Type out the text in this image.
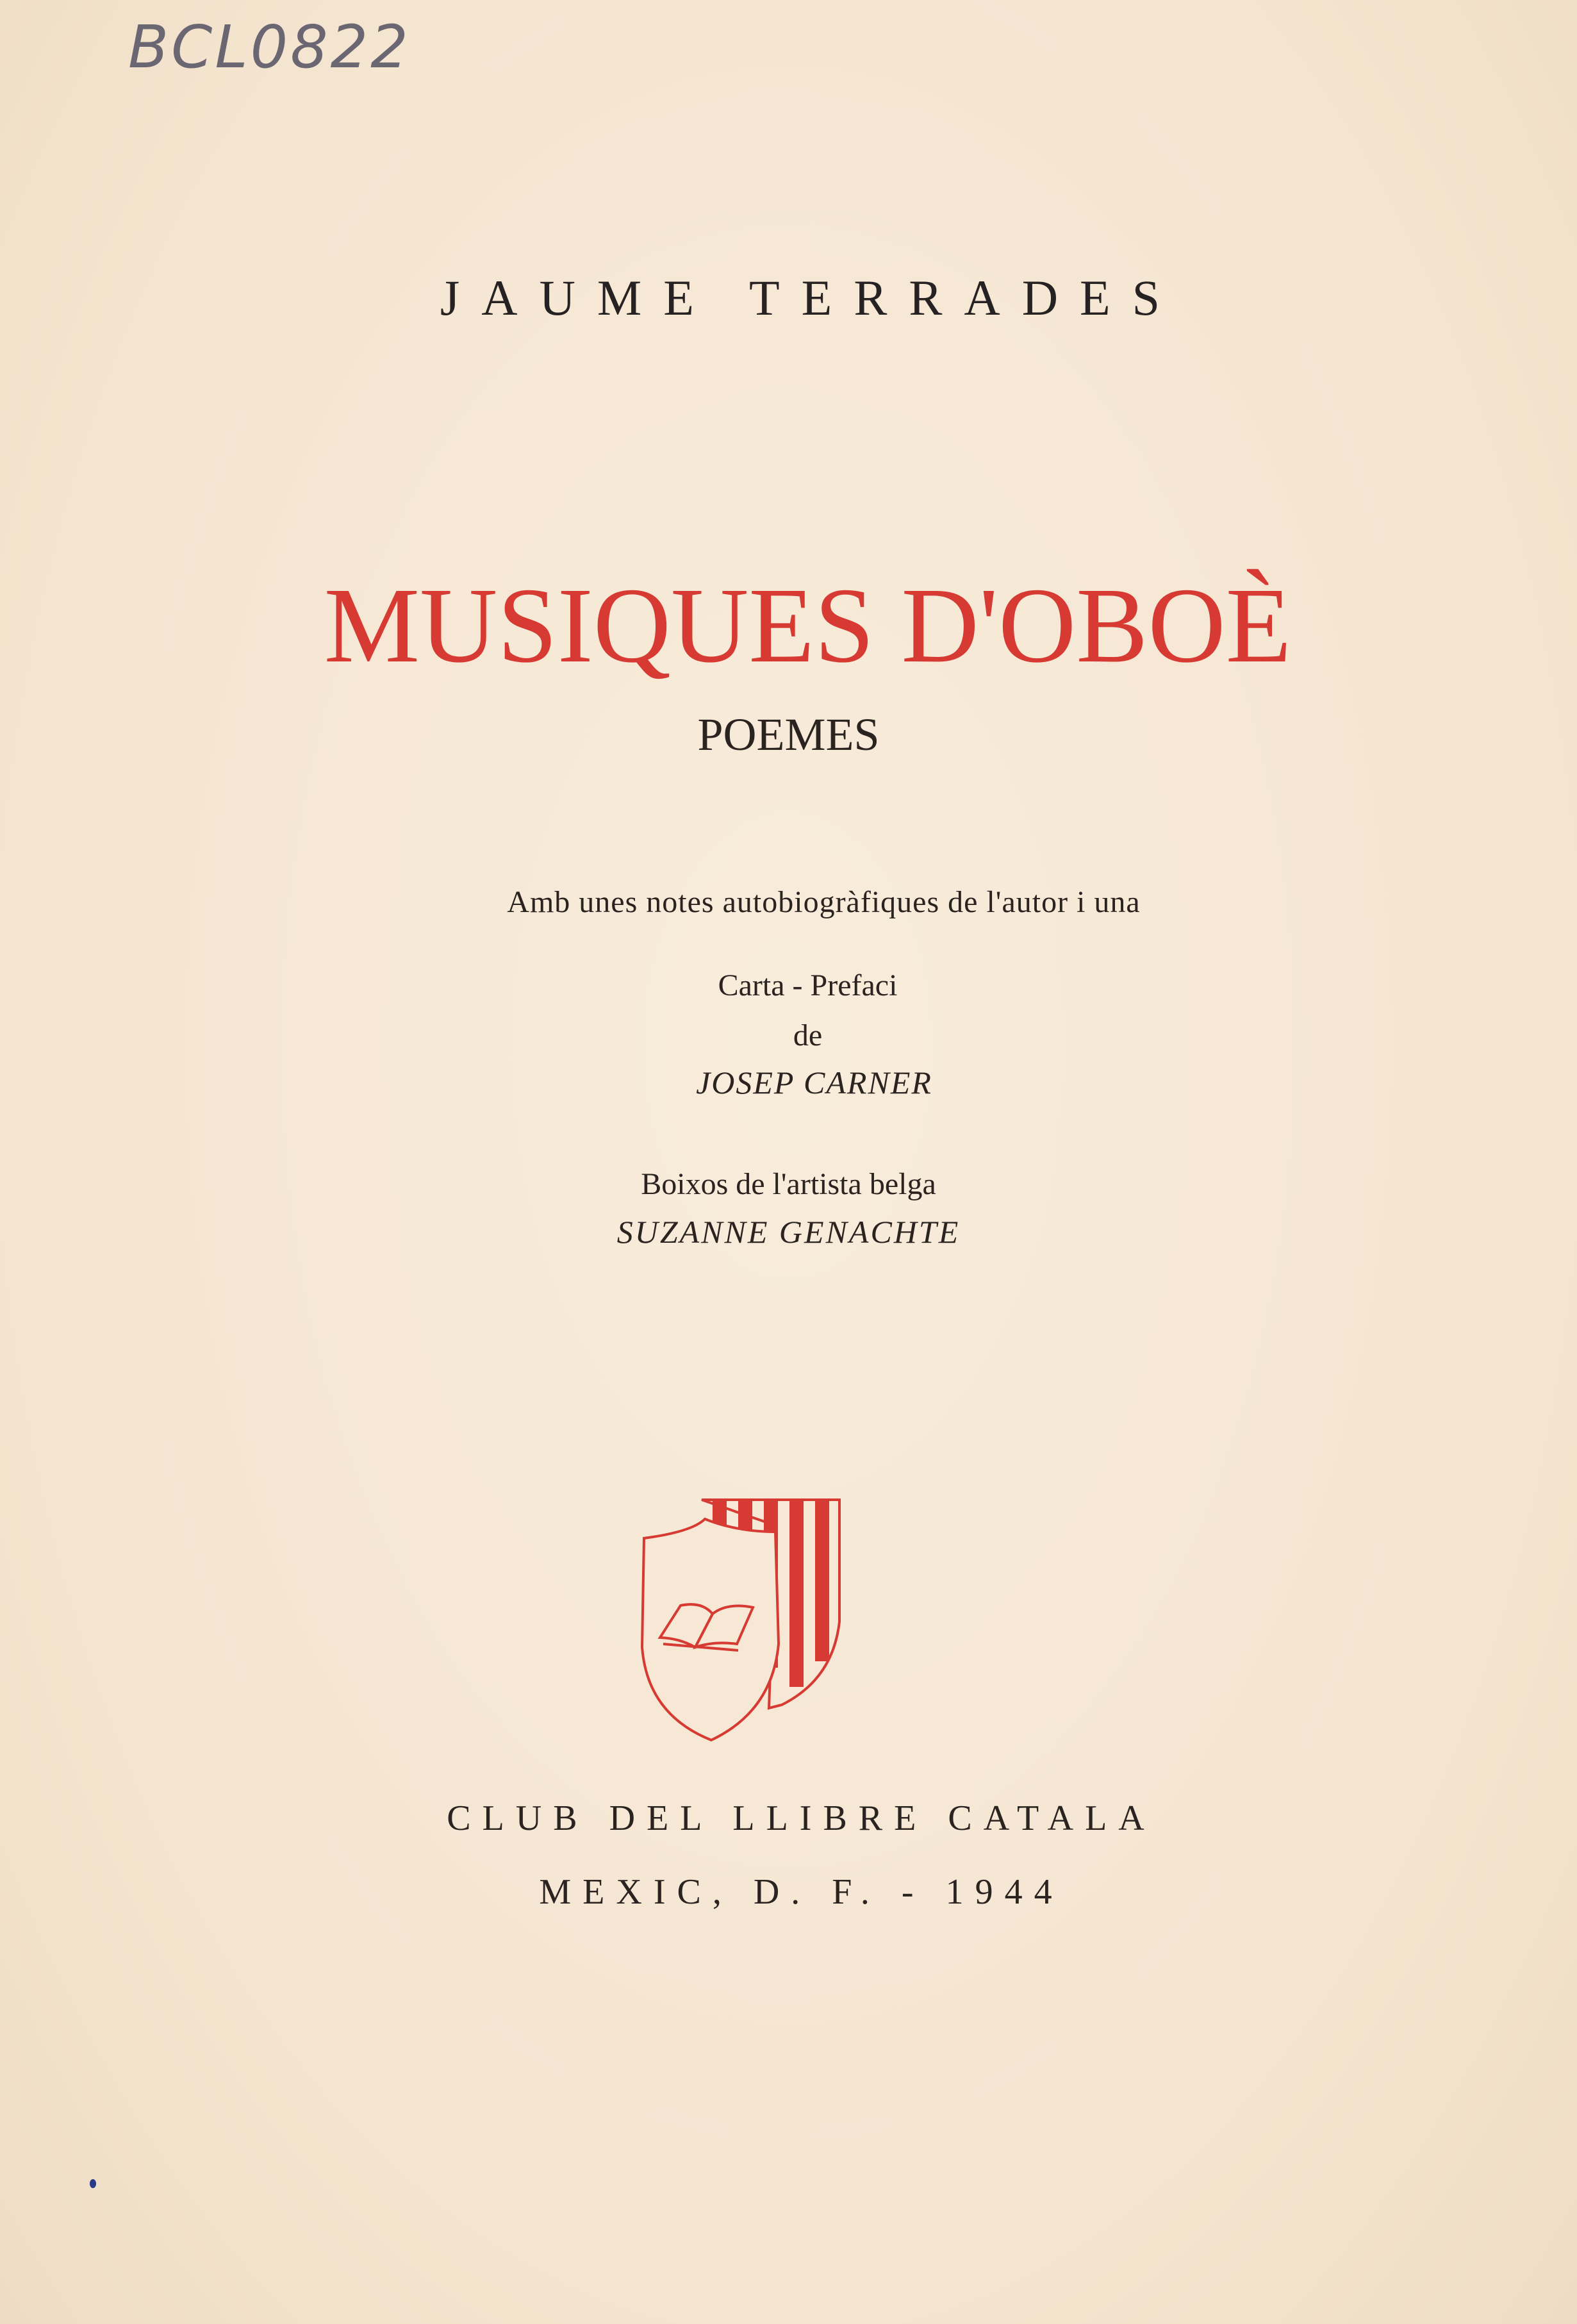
BCL0822
JAUME TERRADES
MUSIQUES D'OBOÈ
POEMES
Amb unes notes autobiogràfiques de l'autor i una
Carta - Prefaci
de
JOSEP CARNER
Boixos de l'artista belga
SUZANNE GENACHTE
CLUB DEL LLIBRE CATALA
MEXIC, D. F. - 1944
